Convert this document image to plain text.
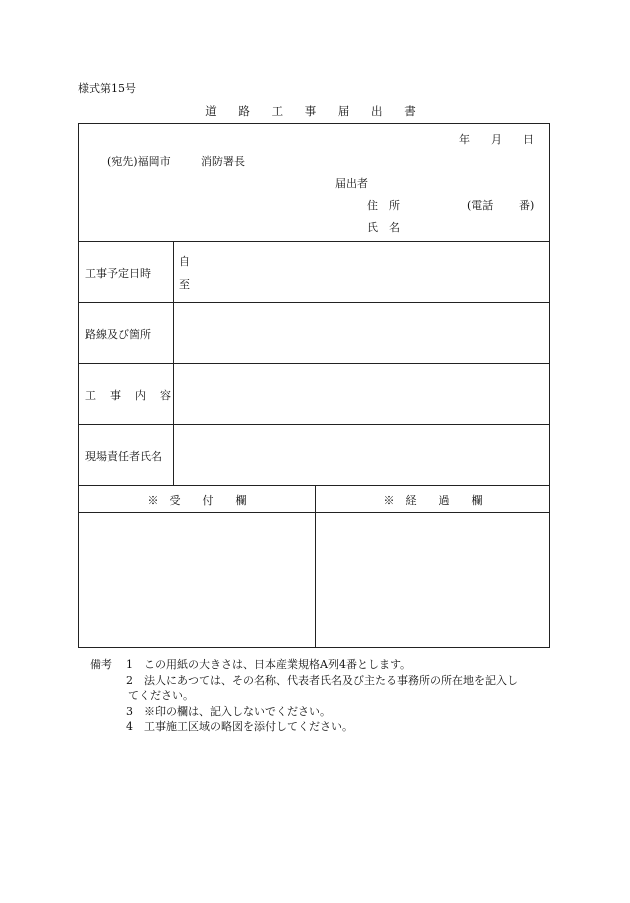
様式第15号
道 路 工 事 届 出 書
年 月 日
(宛先)福岡市	消防署長
届出者
住　所	(電話 番)
氏　名
工事予定日時
自
至
路線及び箇所
工事内容
現場責任者氏名
※　受　　付　　欄	※　経　　過　　欄
備考	1	この用紙の大きさは、日本産業規格A列4番とします。
2	法人にあつては、その名称、代表者氏名及び主たる事務所の所在地を記入し
てください。
3	※印の欄は、記入しないでください。
4	工事施工区域の略図を添付してください。
